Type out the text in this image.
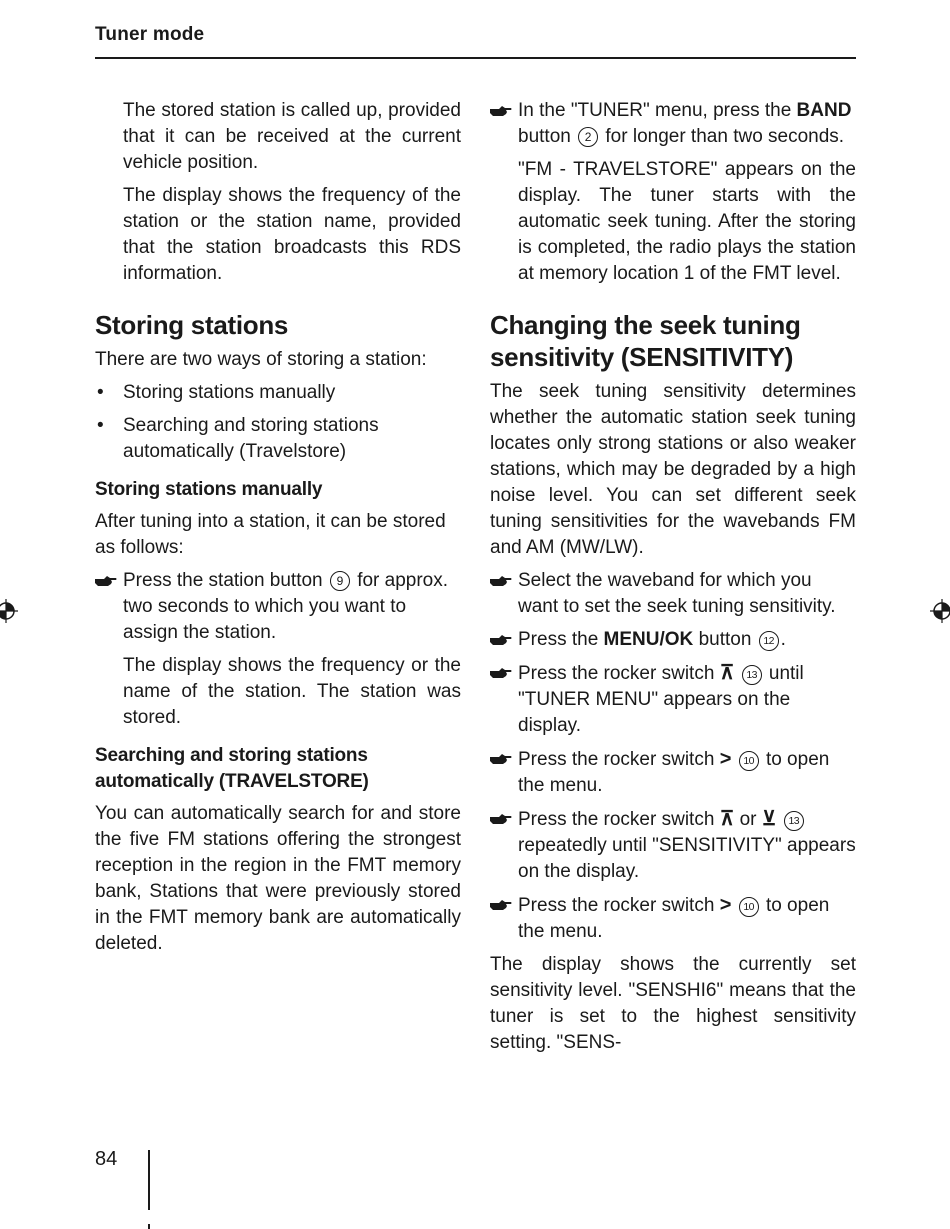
Tuner mode

The stored station is called up, provided that it can be received at the current vehicle position.

The display shows the frequency of the station or the station name, provided that the station broadcasts this RDS information.

Storing stations

There are two ways of storing a station:

• Storing stations manually
• Searching and storing stations automatically (Travelstore)
Storing stations manually

After tuning into a station, it can be stored as follows:

Press the station button 9 for approx. two seconds to which you want to assign the station.

The display shows the frequency or the name of the station. The station was stored.

Searching and storing stations automatically (TRAVELSTORE)

You can automatically search for and store the five FM stations offering the strongest reception in the region in the FMT memory bank, Stations that were previously stored in the FMT memory bank are automatically deleted.

In the "TUNER" menu, press the BAND button 2 for longer than two seconds.

"FM - TRAVELSTORE" appears on the display. The tuner starts with the automatic seek tuning. After the storing is completed, the radio plays the station at memory location 1 of the FMT level.

Changing the seek tuning sensitivity (SENSITIVITY)

The seek tuning sensitivity determines whether the automatic station seek tuning locates only strong stations or also weaker stations, which may be degraded by a high noise level. You can set different seek tuning sensitivities for the wavebands FM and AM (MW/LW).

Select the waveband for which you want to set the seek tuning sensitivity.
Press the MENU/OK button 12 .
Press the rocker switch ⊼ 13 until "TUNER MENU" appears on the display.
Press the rocker switch > 10 to open the menu.
Press the rocker switch ⊼ or ⊻ 13 repeatedly until "SENSITIVITY" appears on the display.
Press the rocker switch > 10 to open the menu.

The display shows the currently set sensitivity level. "SENSHI6" means that the tuner is set to the highest sensitivity setting. "SENS-

84
